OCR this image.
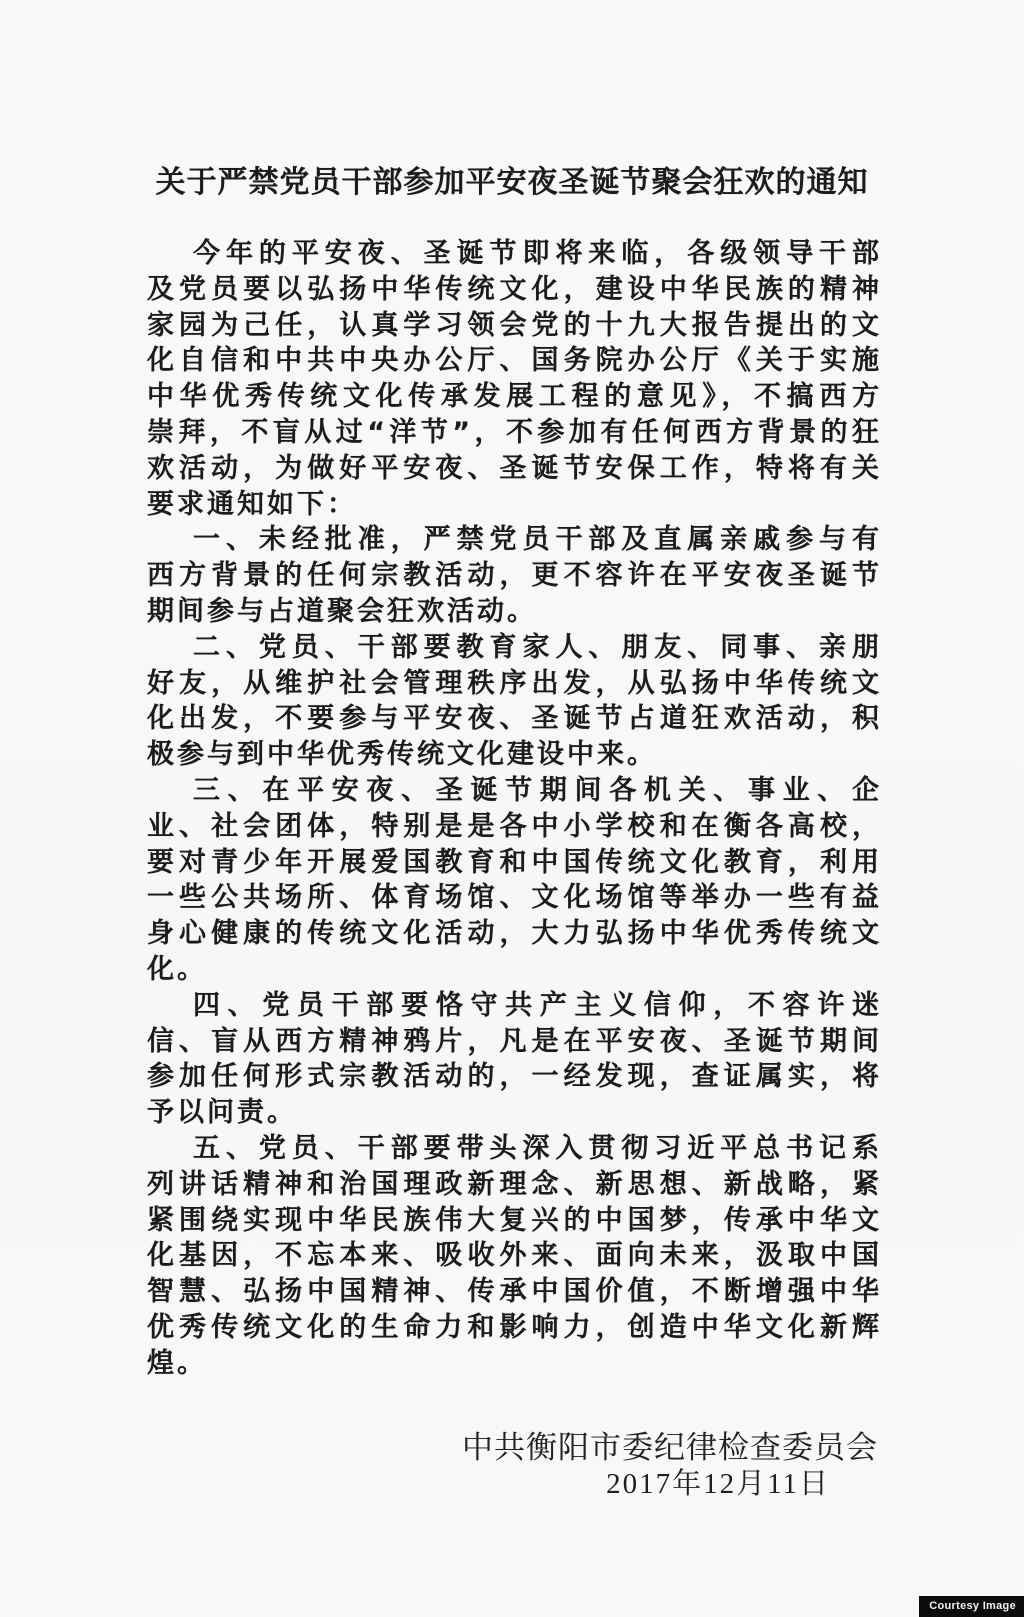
关于严禁党员干部参加平安夜圣诞节聚会狂欢的通知
今年的平安夜、圣诞节即将来临，各级领导干部
及党员要以弘扬中华传统文化，建设中华民族的精神
家园为己任，认真学习领会党的十九大报告提出的文
化自信和中共中央办公厅、国务院办公厅《关于实施
中华优秀传统文化传承发展工程的意见》，不搞西方
崇拜，不盲从过“洋节”，不参加有任何西方背景的狂
欢活动，为做好平安夜、圣诞节安保工作，特将有关
要求通知如下：
一、未经批准，严禁党员干部及直属亲戚参与有
西方背景的任何宗教活动，更不容许在平安夜圣诞节
期间参与占道聚会狂欢活动。
二、党员、干部要教育家人、朋友、同事、亲朋
好友，从维护社会管理秩序出发，从弘扬中华传统文
化出发，不要参与平安夜、圣诞节占道狂欢活动，积
极参与到中华优秀传统文化建设中来。
三、在平安夜、圣诞节期间各机关、事业、企
业、社会团体，特别是是各中小学校和在衡各高校，
要对青少年开展爱国教育和中国传统文化教育，利用
一些公共场所、体育场馆、文化场馆等举办一些有益
身心健康的传统文化活动，大力弘扬中华优秀传统文
化。
四、党员干部要恪守共产主义信仰，不容许迷
信、盲从西方精神鸦片，凡是在平安夜、圣诞节期间
参加任何形式宗教活动的，一经发现，查证属实，将
予以问责。
五、党员、干部要带头深入贯彻习近平总书记系
列讲话精神和治国理政新理念、新思想、新战略，紧
紧围绕实现中华民族伟大复兴的中国梦，传承中华文
化基因，不忘本来、吸收外来、面向未来，汲取中国
智慧、弘扬中国精神、传承中国价值，不断增强中华
优秀传统文化的生命力和影响力，创造中华文化新辉
煌。
中共衡阳市委纪律检查委员会
2017年12月11日
Courtesy Image
